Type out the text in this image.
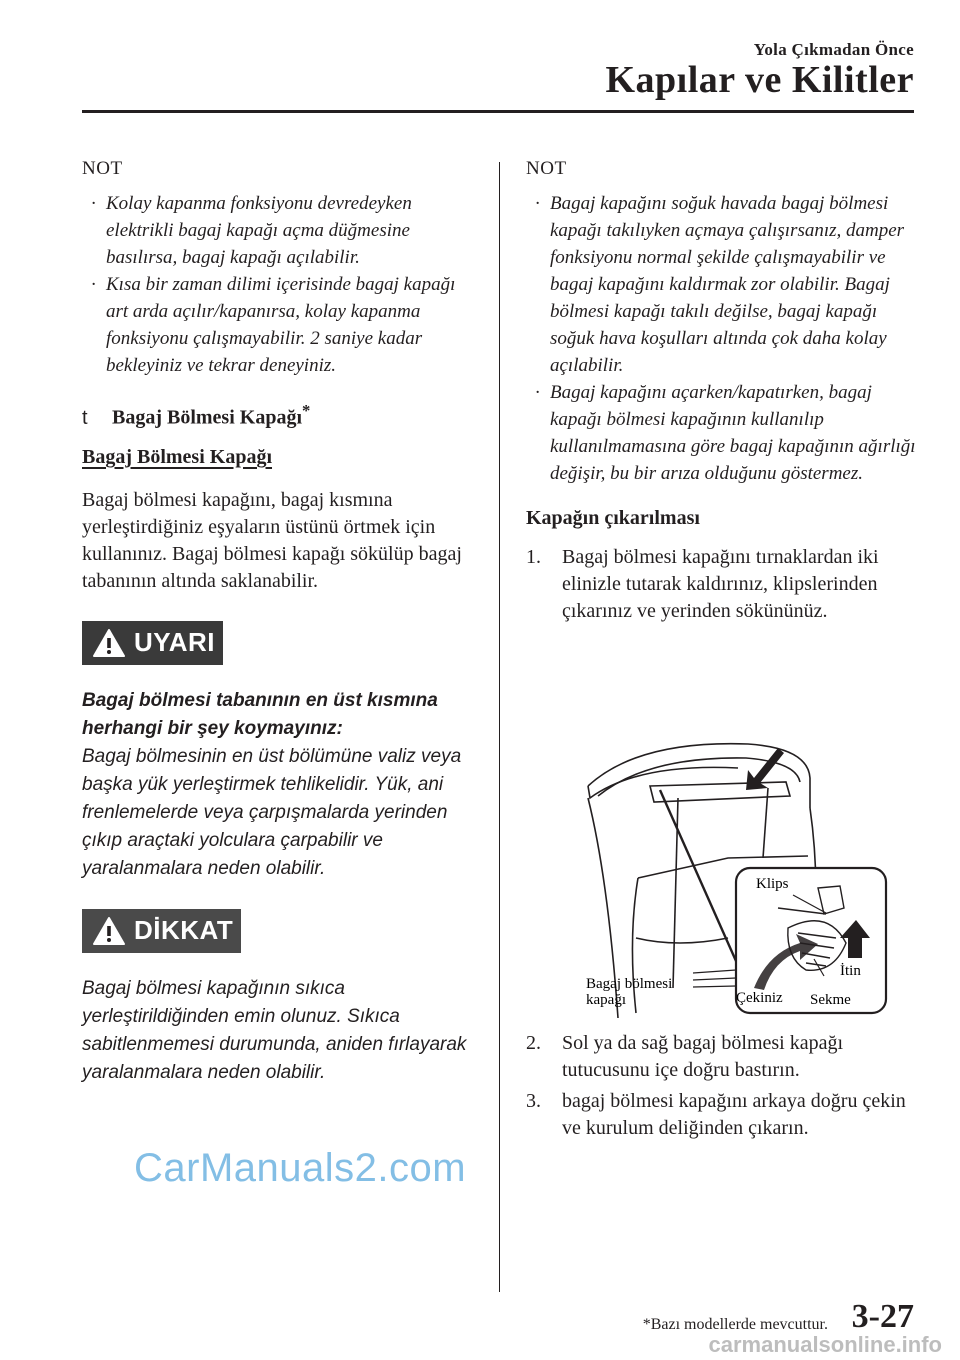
Yola Çıkmadan Önce
Kapılar ve Kilitler

NOT

· Kolay kapanma fonksiyonu devredeyken elektrikli bagaj kapağı açma düğmesine basılırsa, bagaj kapağı açılabilir.

· Kısa bir zaman dilimi içerisinde bagaj kapağı art arda açılır/kapanırsa, kolay kapanma fonksiyonu çalışmayabilir. 2 saniye kadar bekleyiniz ve tekrar deneyiniz.

t Bagaj Bölmesi Kapağı*

Bagaj Bölmesi Kapağı

Bagaj bölmesi kapağını, bagaj kısmına yerleştirdiğiniz eşyaların üstünü örtmek için kullanınız. Bagaj bölmesi kapağı sökülüp bagaj tabanının altında saklanabilir.

UYARI

Bagaj bölmesi tabanının en üst kısmına herhangi bir şey koymayınız:
Bagaj bölmesinin en üst bölümüne valiz veya başka yük yerleştirmek tehlikelidir. Yük, ani frenlemelerde veya çarpışmalarda yerinden çıkıp araçtaki yolculara çarpabilir ve yaralanmalara neden olabilir.

DİKKAT

Bagaj bölmesi kapağının sıkıca yerleştirildiğinden emin olunuz. Sıkıca sabitlenmemesi durumunda, aniden fırlayarak yaralanmalara neden olabilir.

NOT

· Bagaj kapağını soğuk havada bagaj bölmesi kapağı takılıyken açmaya çalışırsanız, damper fonksiyonu normal şekilde çalışmayabilir ve bagaj kapağını kaldırmak zor olabilir. Bagaj bölmesi kapağı takılı değilse, bagaj kapağı soğuk hava koşulları altında çok daha kolay açılabilir.

· Bagaj kapağını açarken/kapatırken, bagaj kapağı bölmesi kapağının kullanılıp kullanılmamasına göre bagaj kapağının ağırlığı değişir, bu bir arıza olduğunu göstermez.

Kapağın çıkarılması

1. Bagaj bölmesi kapağını tırnaklardan iki elinizle tutarak kaldırınız, klipslerinden çıkarınız ve yerinden sökününüz.

Klips
İtin
Bagaj bölmesi
kapağı	Çekiniz Sekme

2. Sol ya da sağ bagaj bölmesi kapağı tutucusunu içe doğru bastırın.

3. bagaj bölmesi kapağını arkaya doğru çekin ve kurulum deliğinden çıkarın.

*Bazı modellerde mevcuttur. 3-27
CarManuals2.com
carmanualsonline.info
